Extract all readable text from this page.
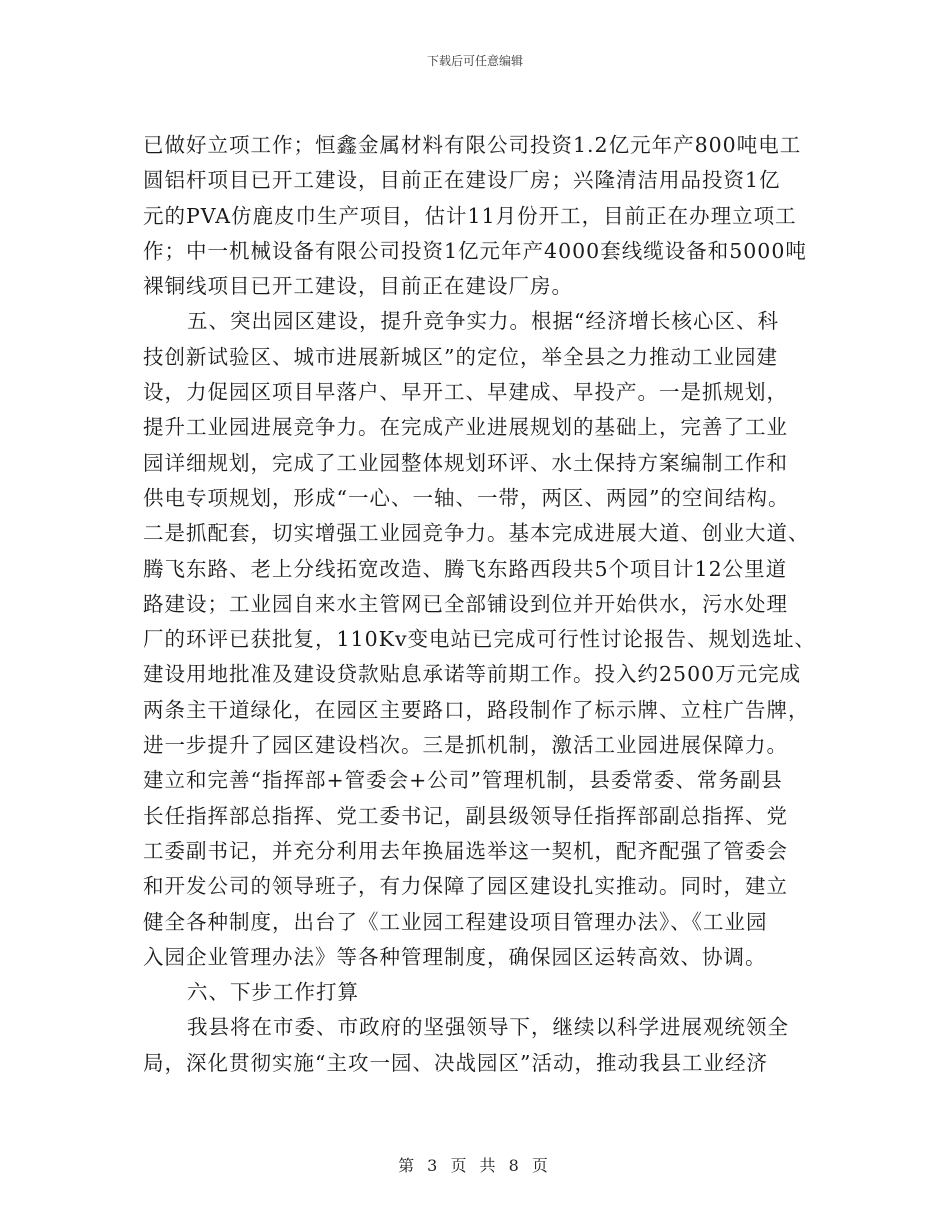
下载后可任意编辑

已做好立项工作；恒鑫金属材料有限公司投资1.2亿元年产800吨电工
圆铝杆项目已开工建设，目前正在建设厂房；兴隆清洁用品投资1亿
元的PVA仿鹿皮巾生产项目，估计11月份开工，目前正在办理立项工
作；中一机械设备有限公司投资1亿元年产4000套线缆设备和5000吨
裸铜线项目已开工建设，目前正在建设厂房。

五、突出园区建设，提升竞争实力。根据“经济增长核心区、科
技创新试验区、城市进展新城区”的定位，举全县之力推动工业园建
设，力促园区项目早落户、早开工、早建成、早投产。一是抓规划，
提升工业园进展竞争力。在完成产业进展规划的基础上，完善了工业
园详细规划，完成了工业园整体规划环评、水土保持方案编制工作和
供电专项规划，形成“一心、一轴、一带，两区、两园”的空间结构。
二是抓配套，切实增强工业园竞争力。基本完成进展大道、创业大道、
腾飞东路、老上分线拓宽改造、腾飞东路西段共5个项目计12公里道
路建设；工业园自来水主管网已全部铺设到位并开始供水，污水处理
厂的环评已获批复，110Kv变电站已完成可行性讨论报告、规划选址、
建设用地批准及建设贷款贴息承诺等前期工作。投入约2500万元完成
两条主干道绿化，在园区主要路口，路段制作了标示牌、立柱广告牌，
进一步提升了园区建设档次。三是抓机制，激活工业园进展保障力。
建立和完善“指挥部+管委会+公司”管理机制，县委常委、常务副县
长任指挥部总指挥、党工委书记，副县级领导任指挥部副总指挥、党
工委副书记，并充分利用去年换届选举这一契机，配齐配强了管委会
和开发公司的领导班子，有力保障了园区建设扎实推动。同时，建立
健全各种制度，出台了《工业园工程建设项目管理办法》、《工业园
入园企业管理办法》等各种管理制度，确保园区运转高效、协调。

六、下步工作打算

我县将在市委、市政府的坚强领导下，继续以科学进展观统领全
局，深化贯彻实施“主攻一园、决战园区”活动，推动我县工业经济

第 3 页 共 8 页
